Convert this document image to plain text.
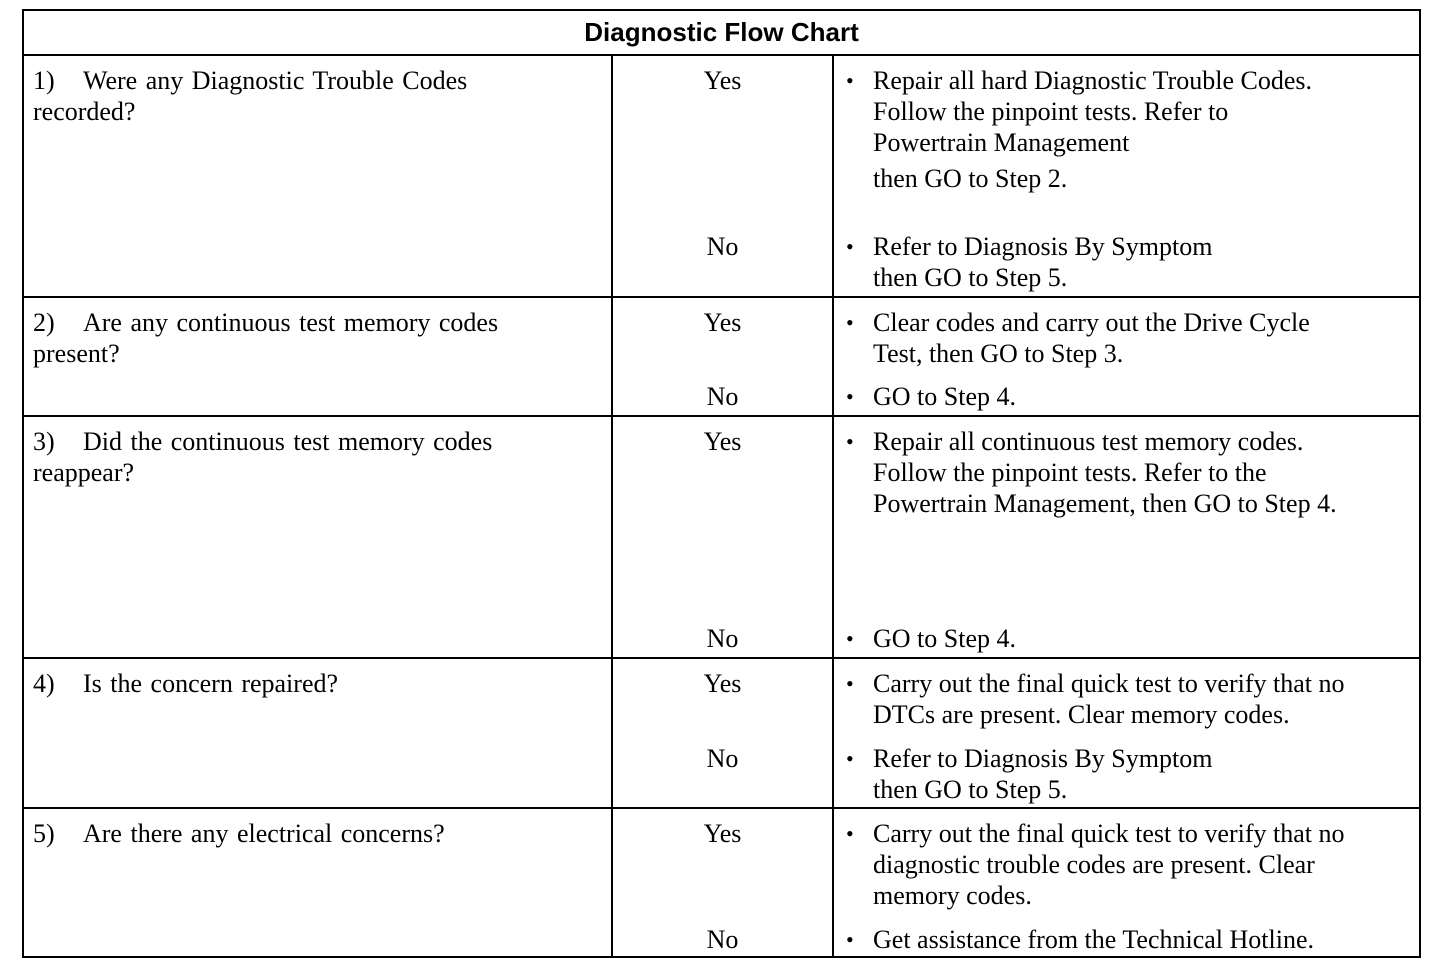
Diagnostic Flow Chart
1) Were any Diagnostic Trouble Codes
recorded?
Yes	• Repair all hard Diagnostic Trouble Codes.
Follow the pinpoint tests. Refer to
Powertrain Management
then GO to Step 2.
No	• Refer to Diagnosis By Symptom
then GO to Step 5.
2) Are any continuous test memory codes
present?
Yes	• Clear codes and carry out the Drive Cycle
Test, then GO to Step 3.
No	• GO to Step 4.
3) Did the continuous test memory codes
reappear?
Yes	• Repair all continuous test memory codes.
Follow the pinpoint tests. Refer to the
Powertrain Management, then GO to Step 4.
No	• GO to Step 4.
4) Is the concern repaired?	Yes	• Carry out the final quick test to verify that no
DTCs are present. Clear memory codes.
No	• Refer to Diagnosis By Symptom
then GO to Step 5.
5) Are there any electrical concerns?	Yes	• Carry out the final quick test to verify that no
diagnostic trouble codes are present. Clear
memory codes.
No	• Get assistance from the Technical Hotline.
